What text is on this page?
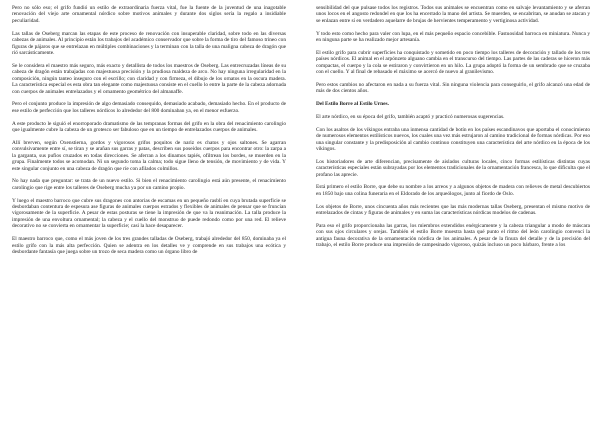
Pero no sólo eso; el grifo fundió un estilo de extraordinaria fuerza vital, fue la fuente de la juventud de una inagotable renovación del viejo arte ornamental nórdico sobre motivos animales y durante dos siglos sería la regalo a insidiable peculiaridad.

Las tallas de Oseberg marcan las etapas de este proceso de renovación con insuperable claridad, sobre todo en las diversas cabezas de animales. Al principio están los trabajos del académico conservador que sobre la forma de tiro del famoso trineo con figuras de pájaros que se entrelazan en múltiples combinaciones y la terminan con la talla de una maligna cabeza de dragón que rió sarcásticamente.

Se le considera el maestro más seguro, más exacto y detallista de todos los maestros de Oseberg. Las entrecruzadas líneas de su cabeza de dragón están trabajadas con majestuosa precisión y la prudiosa maldeza de arco. No hay ninguna irregularidad en la composición, ningún tanteo inseguro con el escrillo; con claridad y con firmeza, el dibujo de los ornatos en la oscura madera. La característica especial es esta obra tan elegante como majestuosa consiste en el cuello lo entre la parte de la cabeza adornada con cuerpos de animales entrelazados y el ornamento geométrico del almanaffe.

Pero el conjunto produce la impresión de algo demasiado consequido, demasiado acabado, demasiado hecho. En el producto de ese estilo de perfección que los talleres nórdicos lo alrededor del 800 dominaban ya, en el menor esfuerzo.

A este producto le siguió el enorroporado dramatismo de las tempranas formas del grifo en la obra del renacimiento carolingio que igualmente cubre la cabeza de un grotesco ser fabuloso que en un tiempo de entrelazados cuerpos de animales.

Allí brerven, según Oxenstierna, gordos y vigorosos grifos poquitos de nariz es chatos y ojos saltones. Se agarran convulsivamente entre sí, se tiran y se arañan sus garras y patas, describen sus poseidos cuerpos para encontrar otro: la zarpa a la garganta, sus pufios cruzados en todas direcciones. Se aferran a los dinamos tapiés, ofiltrean los bordes, se muerden en la grupa. Finalmente todos se acomodan. Ni un segundo toma la calma; todo sigue lleno de tensión, de movimiento y de vida. Y este singular conjunto en una cabeza de dragón que ríe con afilados colmillos.

No hay nada que preguntar: se trata de un nuevo estilo. Si bien el renacimiento carolingio está aún presente, el renacimiento carolingio que rige entre los talleres de Oseberg mucha ya por un camino propio.

Y luego el maestro barroco que cubre sus dragones con antorias de escamas en un pequeño rasblí en cuya brutada superficie se desbordaban contentura de espesura ase figuras de animales cuerpos estrados y flexibles de animales de pensar que se fruncían vigorosamente de la superficie. A pesar de estas posturas se tiene la impresión de que va la reanimación. La talla produce la impresión de una envoltura ornamental; la cabeza y el cuello del monstruo de puede redondo como por una red. El relieve decorativo no se convierta en ornamentar la superficie; casi la hace desaparecer.

El maestro barroco que, como el más joven de los tres grandes talladas de Oseberg, trabajó alrededor del 850, dominaba ya el estilo grifo con la más alta perfección. Quien se adentra en los detalles ve y comprende en sus trabajos una ecótica y desbordante fantasía que juega sobre un trozo de seca madera como un órgano libro de

sensibilidad del que pulsase todos los registros. Todos sus animales se encuentran como en salvaje levantamiento y se aferran unos locos en el angosto redondel en que los ha encerrado la mano del artista. Se muerden, se encabritan, se anudan se atacan y se enlazan entre sí en verdadero aquelarre de brujas de hervientes temperamento y vertiginosa actividad.

Y todo esto como hecho para valer con lupa, en el más pequeño espacio concebible. Fastuosidad barroca en miniatura. Nunca y en ninguna parte se ha realizado mejor artesanía.

El estilo grifo para cubrir superficies ha conquistado y sometido en poco tiempo los talleres de decoración y tallado de los tres países nórdicos. El animal en el arpónzeto alguano cambia en el transcurso del tiempo. Las partes de las caderas se hiceron más compactas, el cuerpo y la cola se estiraron y convirtieron en un hilo. La grupa adoptó la forma de un sembrado que se cruzaba con el cuello. Y al final de rebasado el máximo se acercó de nuevo al granilevismo.

Pero estos cambios no afectaron en nada a su fuerza vital. Sin ninguna violencia para conseguirlo, el grifo alcanzó una edad de más de dos cientos años.

Del Estilo Borre al Estilo Urnes.

El arte nórdico, en su época del grifo, también acaptó y practicó numerosas sugerencias.

Con los asaltos de los vikingos entraba una inmensa cantidad de botín en los países escandinavos que aportaba el conocimiento de numerosos elementos estilísticos nuevos, los cuales una vez más estrujaron al camino tradicional de formas nórdicas. Por eso una singular constante y la predisposición al cambio continuo constituyen una característica del arte nórdico en la época de los vikingos.

Los historiadores de arte diferencian, precisamente de aislados culturas locales, cinco formas estilísticas distintas cuyas características especiales están subrayadas por los elementos tradicionales de la ornamentación francesca, lo que dificulta que el profano las aprecie.

Está primero el estilo Borre, que debe su nombre a los arreos y a algunos objetos de madera con relieves de metal descubiertos en 1850 bajo una colina funeraria en el Eldorado de los arqueólogos, junto al fiordo de Oslo.

Los objetos de Borre, unos cincuenta años más recientes que las más modernas tallas Oseberg, presentan el mismo motivo de entrelazados de cintas y figuras de animales y en suma las características nórdicas modelos de cadenas.

Para eso el grifo proporcionaba las garras, los miembros extendidos enérgicamente y la cabeza triangular a modo de máscara con sus ojos circulares y orejas. También el estilo Borre muestra hasta qué punto el ritmo del león carolingio convencí la antigua fauna decorativa de la ornamentación nórdica de los animales. A pesar de la finura del detalle y de la precisión del trabajo, el estilo Borre produce una impresión de campesinado vigoroso, quizás incluso un poco bárbaro, frente a los
